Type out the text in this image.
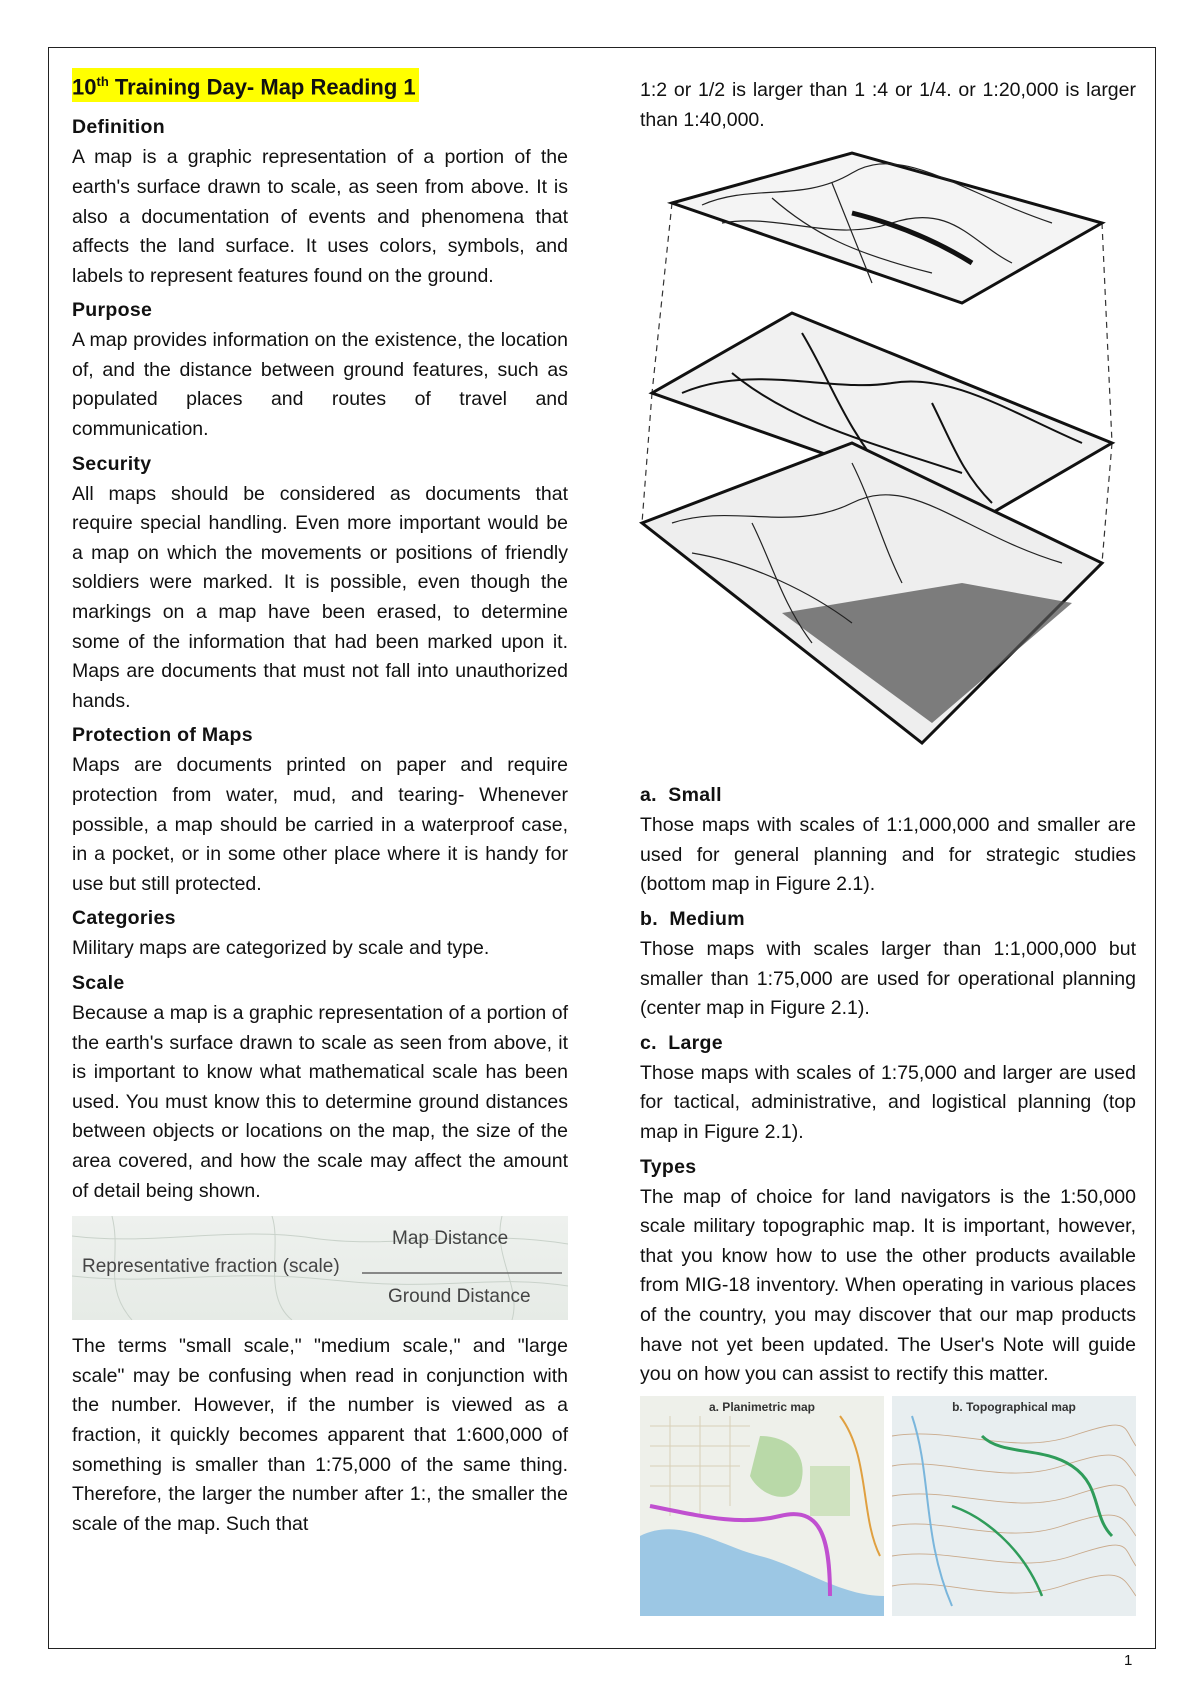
10th Training Day- Map Reading 1
Definition

A map is a graphic representation of a portion of the earth's surface drawn to scale, as seen from above. It is also a documentation of events and phenomena that affects the land surface. It uses colors, symbols, and labels to represent features found on the ground.

Purpose

A map provides information on the existence, the location of, and the distance between ground features, such as populated places and routes of travel and communication.

Security

All maps should be considered as documents that require special handling. Even more important would be a map on which the movements or positions of friendly soldiers were marked. It is possible, even though the markings on a map have been erased, to determine some of the information that had been marked upon it. Maps are documents that must not fall into unauthorized hands.

Protection of Maps

Maps are documents printed on paper and require protection from water, mud, and tearing- Whenever possible, a map should be carried in a waterproof case, in a pocket, or in some other place where it is handy for use but still protected.

Categories

Military maps are categorized by scale and type.

Scale

Because a map is a graphic representation of a portion of the earth's surface drawn to scale as seen from above, it is important to know what mathematical scale has been used. You must know this to determine ground distances between objects or locations on the map, the size of the area covered, and how the scale may affect the amount of detail being shown.

Representative fraction (scale)
Map Distance
Ground Distance

The terms "small scale," "medium scale," and "large scale" may be confusing when read in conjunction with the number. However, if the number is viewed as a fraction, it quickly becomes apparent that 1:600,000 of something is smaller than 1:75,000 of the same thing. Therefore, the larger the number after 1:, the smaller the scale of the map. Such that

1:2 or 1/2 is larger than 1 :4 or 1/4. or 1:20,000 is larger than 1:40,000.

a.  Small

Those maps with scales of 1:1,000,000 and smaller are used for general planning and for strategic studies (bottom map in Figure 2.1).

b.  Medium

Those maps with scales larger than 1:1,000,000 but smaller than 1:75,000 are used for operational planning (center map in Figure 2.1).

c.  Large

Those maps with scales of 1:75,000 and larger are used for tactical, administrative, and logistical planning (top map in Figure 2.1).

Types

The map of choice for land navigators is the 1:50,000 scale military topographic map. It is important, however, that you know how to use the other products available from MIG-18 inventory. When operating in various places of the country, you may discover that our map products have not yet been updated. The User's Note will guide you on how you can assist to rectify this matter.

a. Planimetric map	b. Topographical map
1
